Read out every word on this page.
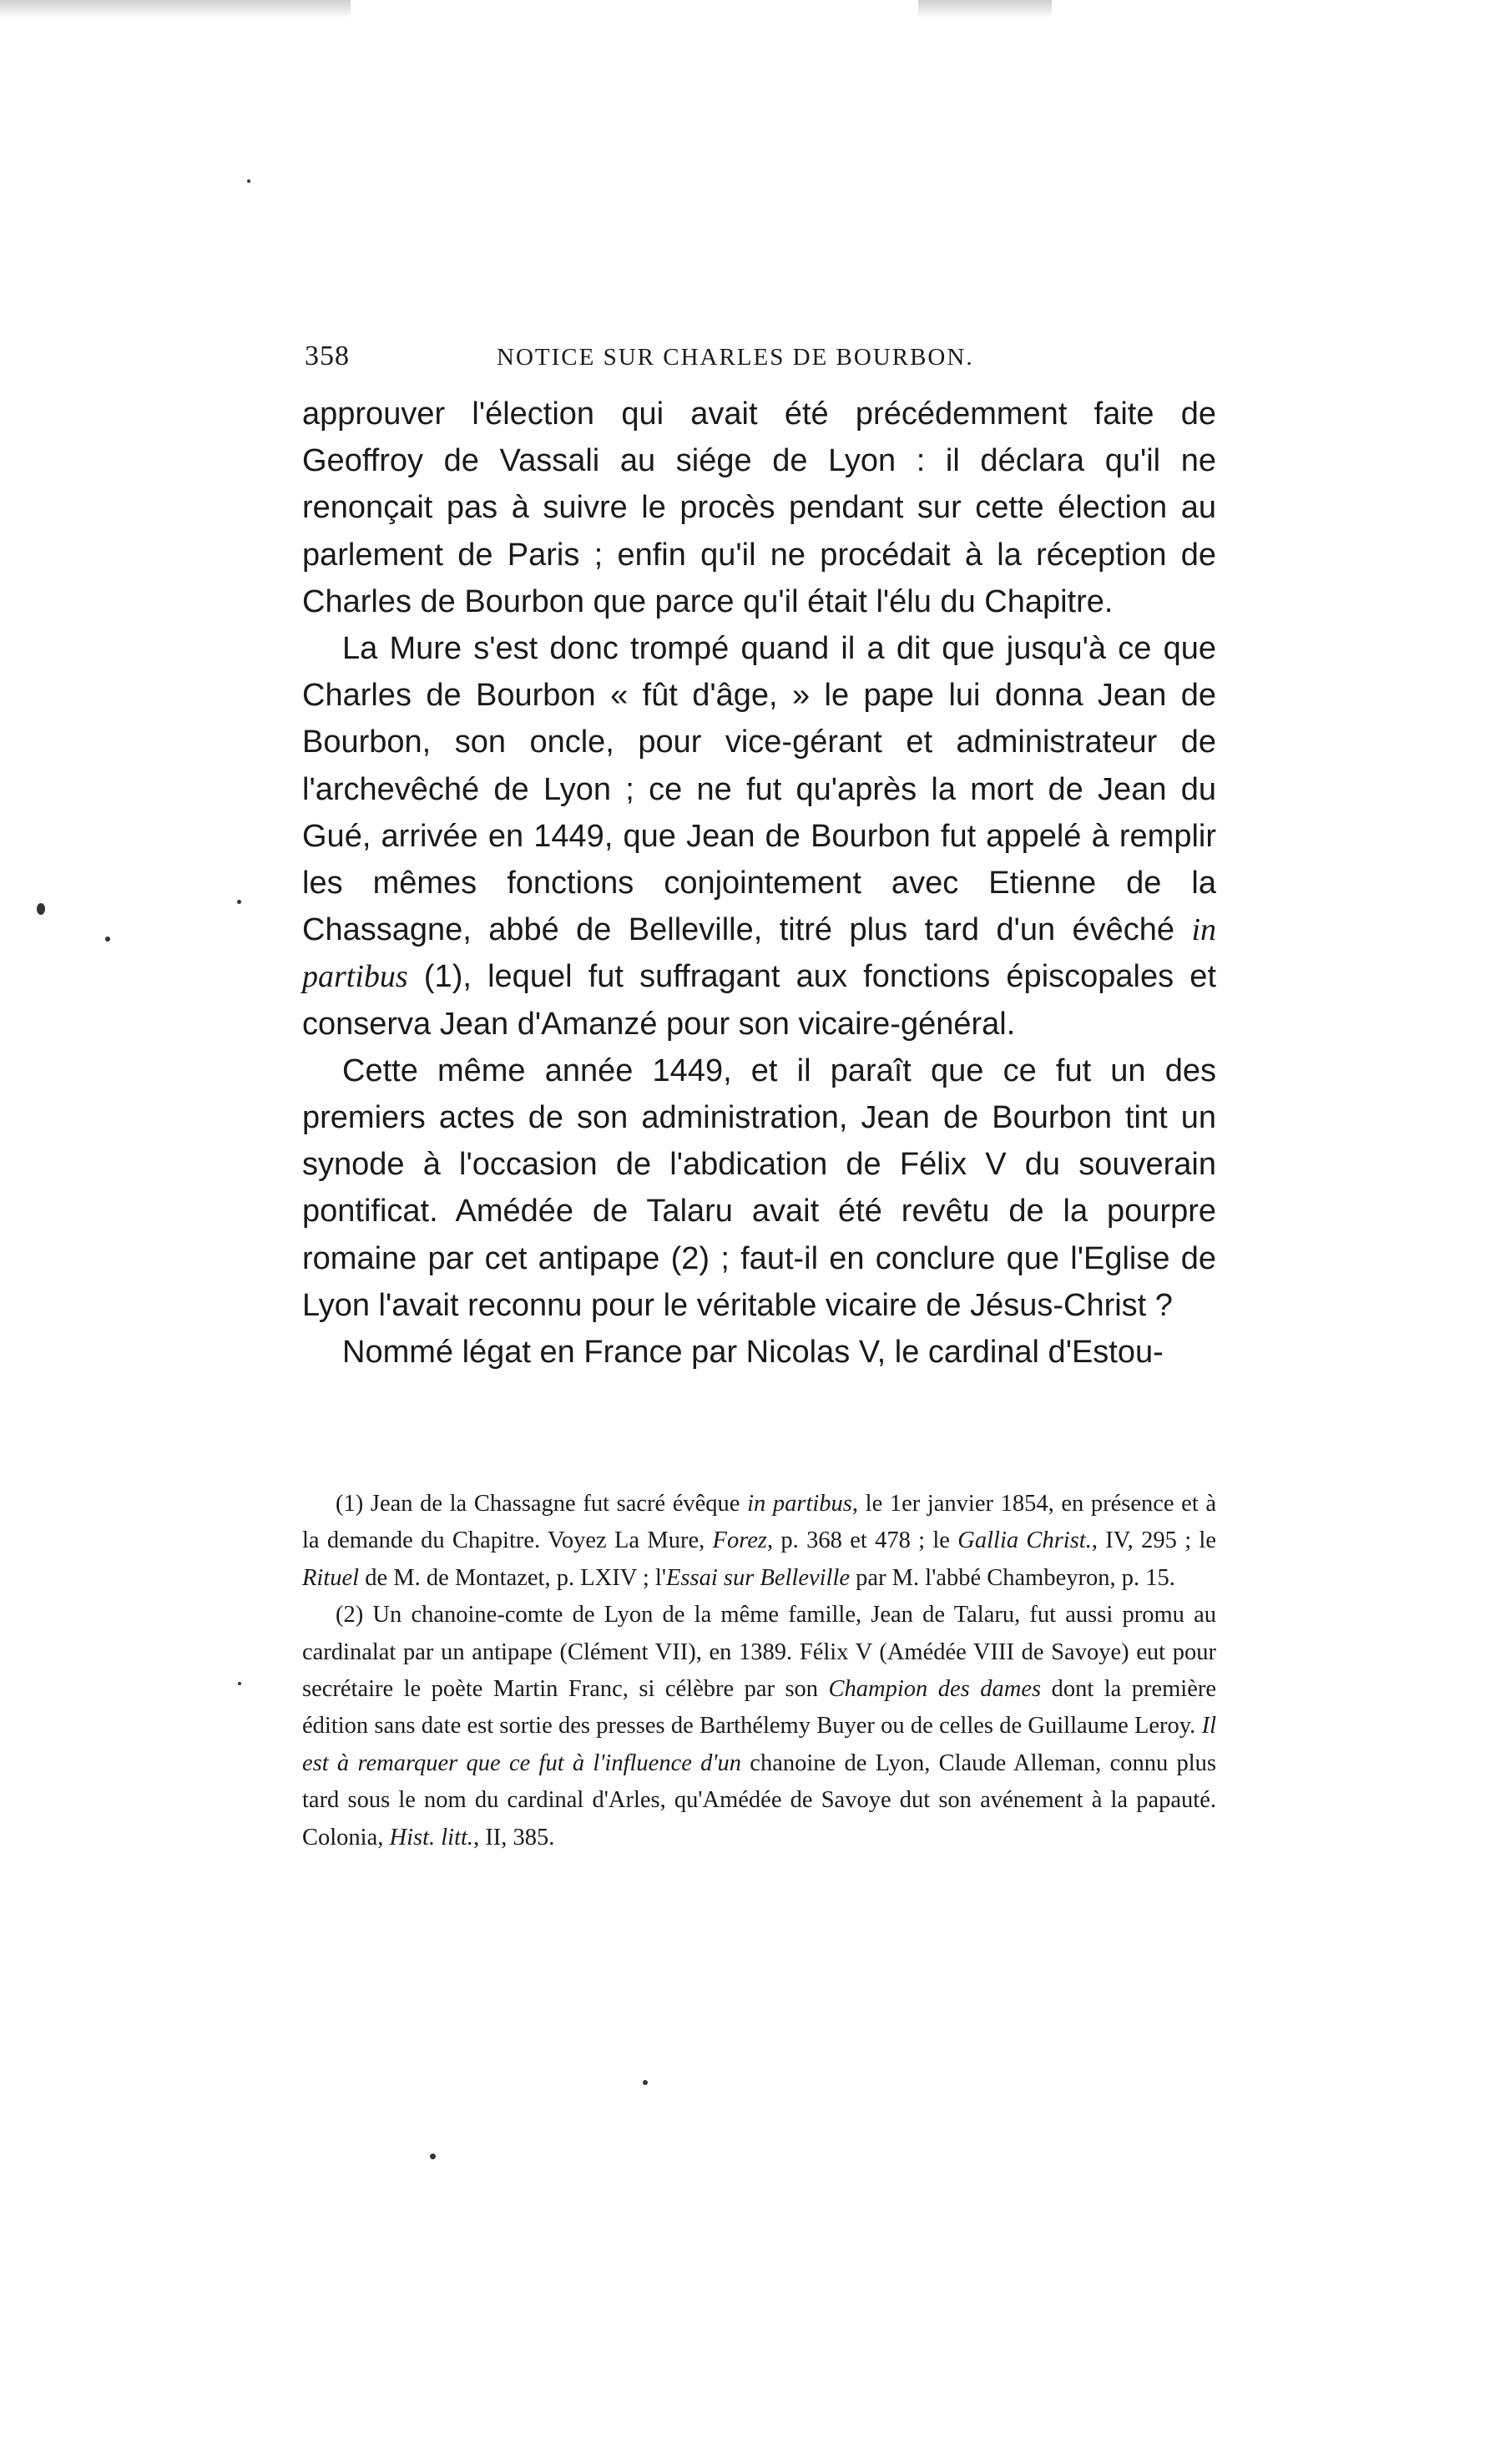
358	NOTICE SUR CHARLES DE BOURBON.

approuver l'élection qui avait été précédemment faite de Geoffroy de Vassali au siége de Lyon : il déclara qu'il ne renonçait pas à suivre le procès pendant sur cette élection au parlement de Paris ; enfin qu'il ne procédait à la réception de Charles de Bourbon que parce qu'il était l'élu du Chapitre.

La Mure s'est donc trompé quand il a dit que jusqu'à ce que Charles de Bourbon « fût d'âge, » le pape lui donna Jean de Bourbon, son oncle, pour vice-gérant et administrateur de l'archevêché de Lyon ; ce ne fut qu'après la mort de Jean du Gué, arrivée en 1449, que Jean de Bourbon fut appelé à remplir les mêmes fonctions conjointement avec Etienne de la Chassagne, abbé de Belleville, titré plus tard d'un évêché in partibus (1), lequel fut suffragant aux fonctions épiscopales et conserva Jean d'Amanzé pour son vicaire-général.

Cette même année 1449, et il paraît que ce fut un des premiers actes de son administration, Jean de Bourbon tint un synode à l'occasion de l'abdication de Félix V du souverain pontificat. Amédée de Talaru avait été revêtu de la pourpre romaine par cet antipape (2) ; faut-il en conclure que l'Eglise de Lyon l'avait reconnu pour le véritable vicaire de Jésus-Christ ?

Nommé légat en France par Nicolas V, le cardinal d'Estou-

(1) Jean de la Chassagne fut sacré évêque in partibus, le 1er janvier 1854, en présence et à la demande du Chapitre. Voyez La Mure, Forez, p. 368 et 478 ; le Gallia Christ., IV, 295 ; le Rituel de M. de Montazet, p. LXIV ; l'Essai sur Belleville par M. l'abbé Chambeyron, p. 15.

(2) Un chanoine-comte de Lyon de la même famille, Jean de Talaru, fut aussi promu au cardinalat par un antipape (Clément VII), en 1389. Félix V (Amédée VIII de Savoye) eut pour secrétaire le poète Martin Franc, si célèbre par son Champion des dames dont la première édition sans date est sortie des presses de Barthélemy Buyer ou de celles de Guillaume Leroy. Il est à remarquer que ce fut à l'influence d'un chanoine de Lyon, Claude Alleman, connu plus tard sous le nom du cardinal d'Arles, qu'Amédée de Savoye dut son avénement à la papauté. Colonia, Hist. litt., II, 385.
